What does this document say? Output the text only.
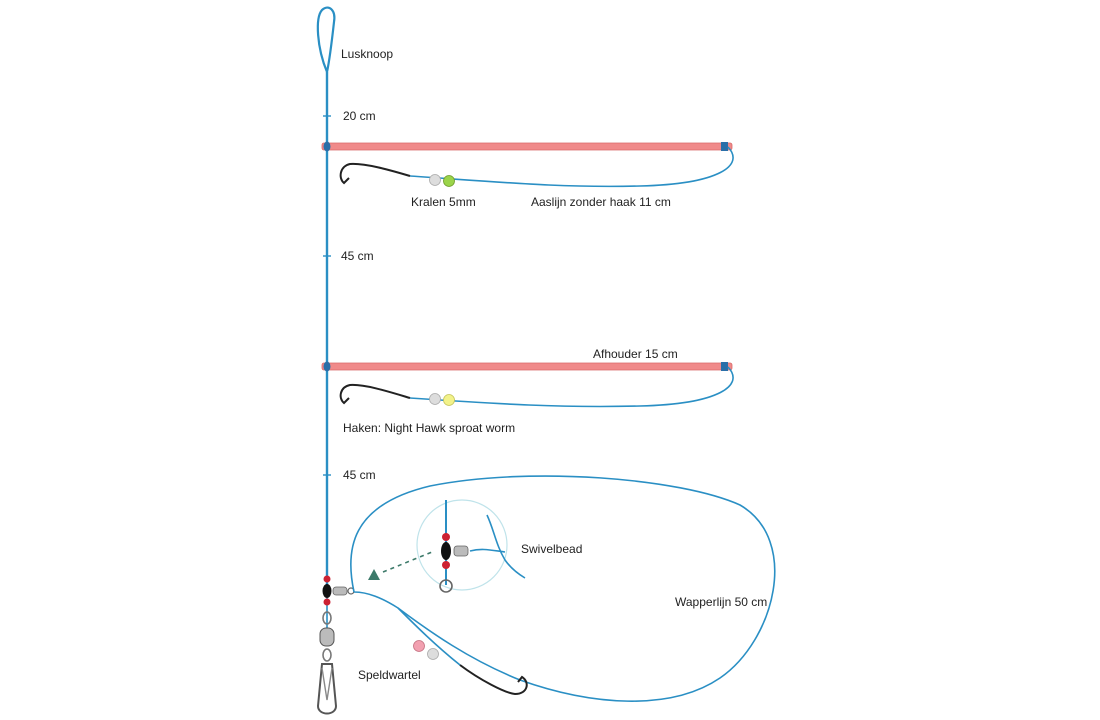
Lusknoop
20 cm
Kralen 5mm	Aaslijn zonder haak 11 cm
45 cm
Afhouder 15 cm
Haken: Night Hawk sproat worm
45 cm
Swivelbead
Wapperlijn 50 cm
Speldwartel
